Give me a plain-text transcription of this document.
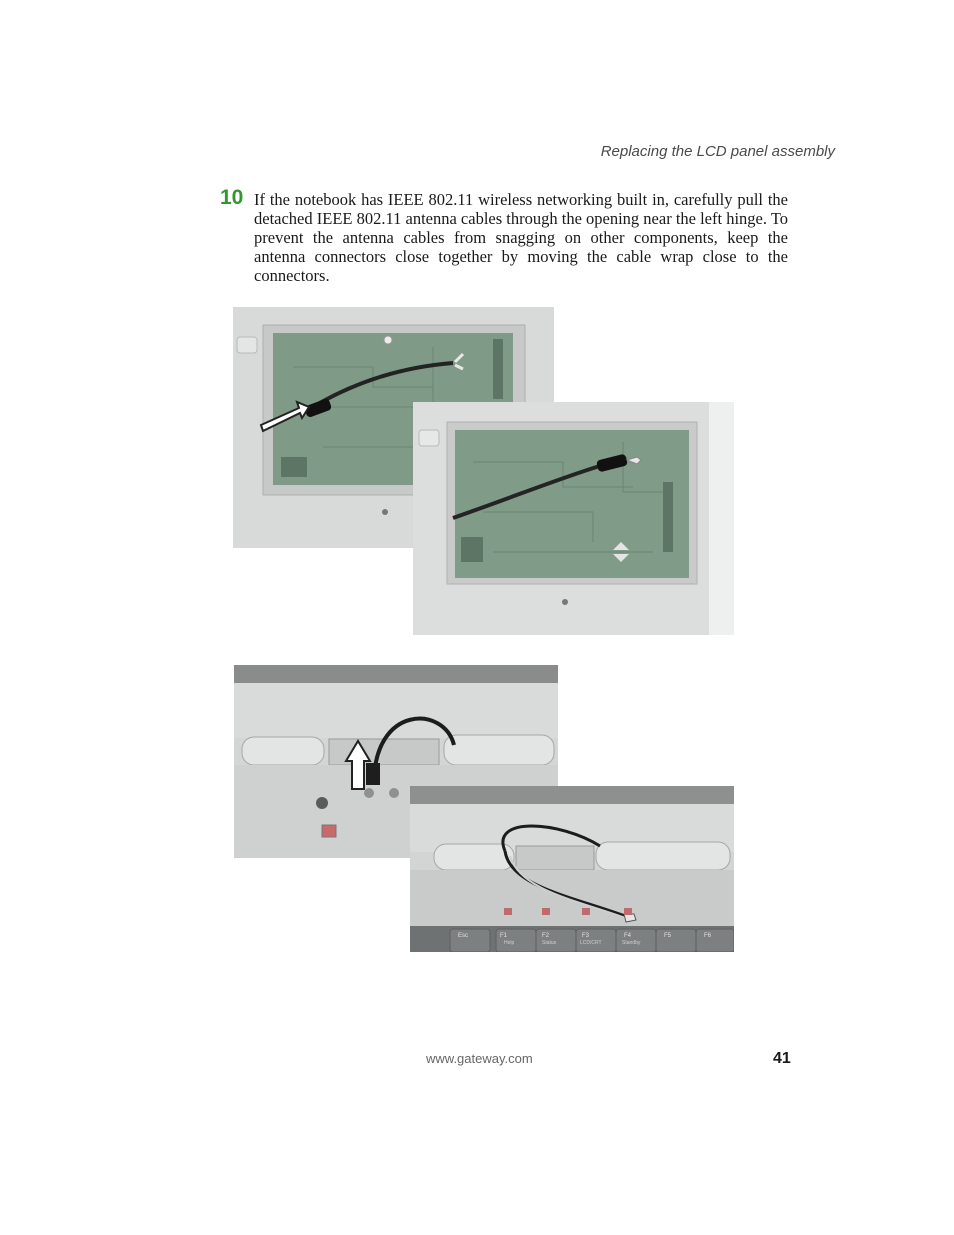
Replacing the LCD panel assembly
10 If the notebook has IEEE 802.11 wireless networking built in, carefully pull the detached IEEE 802.11 antenna cables through the opening near the left hinge. To prevent the antenna cables from snagging on other components, keep the antenna connectors close together by moving the cable wrap close to the connectors.
Esc	F1	F2	F3	F4	F5	F6
Help	Status	LCD/CRT	Standby
www.gateway.com	41
